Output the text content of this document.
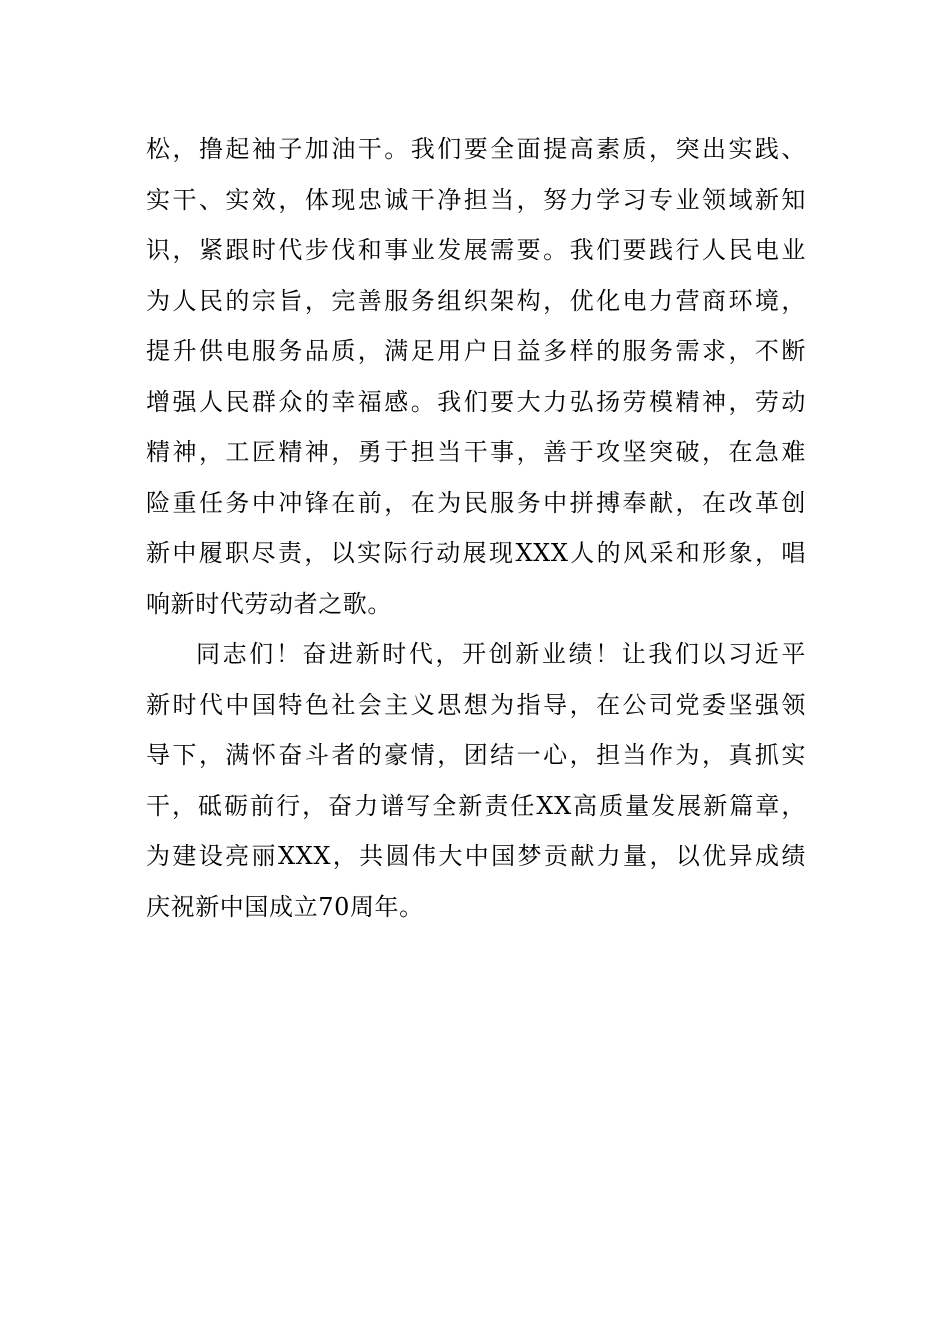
松，撸起袖子加油干。我们要全面提高素质，突出实践、
实干、实效，体现忠诚干净担当，努力学习专业领域新知
识，紧跟时代步伐和事业发展需要。我们要践行人民电业
为人民的宗旨，完善服务组织架构，优化电力营商环境，
提升供电服务品质，满足用户日益多样的服务需求，不断
增强人民群众的幸福感。我们要大力弘扬劳模精神，劳动
精神，工匠精神，勇于担当干事，善于攻坚突破，在急难
险重任务中冲锋在前，在为民服务中拼搏奉献，在改革创
新中履职尽责，以实际行动展现XXX人的风采和形象，唱
响新时代劳动者之歌。
同志们！奋进新时代，开创新业绩！让我们以习近平
新时代中国特色社会主义思想为指导，在公司党委坚强领
导下，满怀奋斗者的豪情，团结一心，担当作为，真抓实
干，砥砺前行，奋力谱写全新责任XX高质量发展新篇章，
为建设亮丽XXX，共圆伟大中国梦贡献力量，以优异成绩
庆祝新中国成立70周年。
